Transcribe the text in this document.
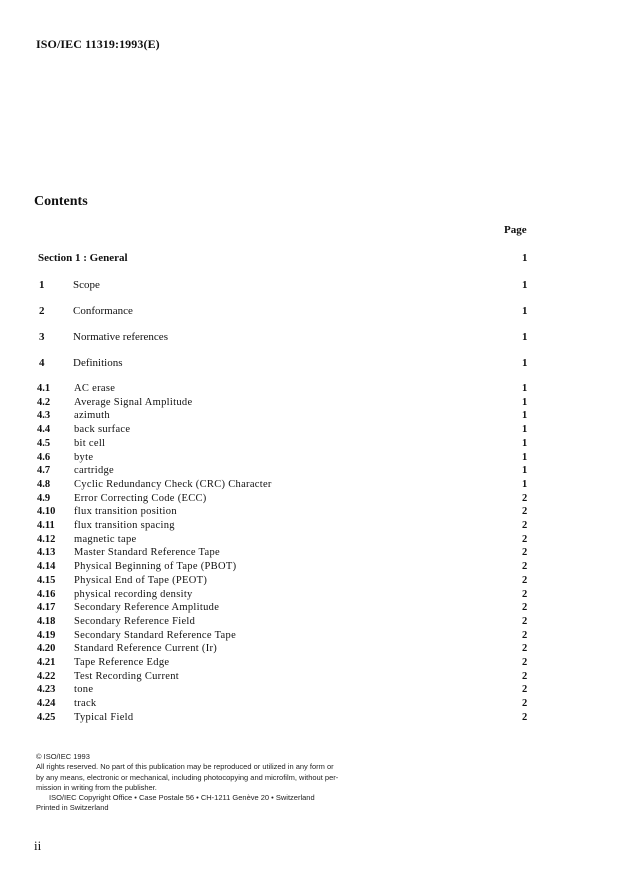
ISO/IEC 11319:1993(E)
Contents
Page
Section 1 : General	1
1	Scope	1
2	Conformance	1
3	Normative references	1
4	Definitions	1
4.1 AC erase	1
4.2 Average Signal Amplitude	1
4.3 azimuth	1
4.4 back surface	1
4.5 bit cell	1
4.6 byte	1
4.7 cartridge	1
4.8 Cyclic Redundancy Check (CRC) Character	1
4.9 Error Correcting Code (ECC)	2
4.10 flux transition position	2
4.11 flux transition spacing	2
4.12 magnetic tape	2
4.13 Master Standard Reference Tape	2
4.14 Physical Beginning of Tape (PBOT)	2
4.15 Physical End of Tape (PEOT)	2
4.16 physical recording density	2
4.17 Secondary Reference Amplitude	2
4.18 Secondary Reference Field	2
4.19 Secondary Standard Reference Tape	2
4.20 Standard Reference Current (Ir)	2
4.21 Tape Reference Edge	2
4.22 Test Recording Current	2
4.23 tone	2
4.24 track	2
4.25 Typical Field	2
© ISO/IEC 1993
All rights reserved. No part of this publication may be reproduced or utilized in any form or
by any means, electronic or mechanical, including photocopying and microfilm, without per-
mission in writing from the publisher.
ISO/IEC Copyright Office • Case Postale 56 • CH-1211 Genève 20 • Switzerland
Printed in Switzerland
ii
